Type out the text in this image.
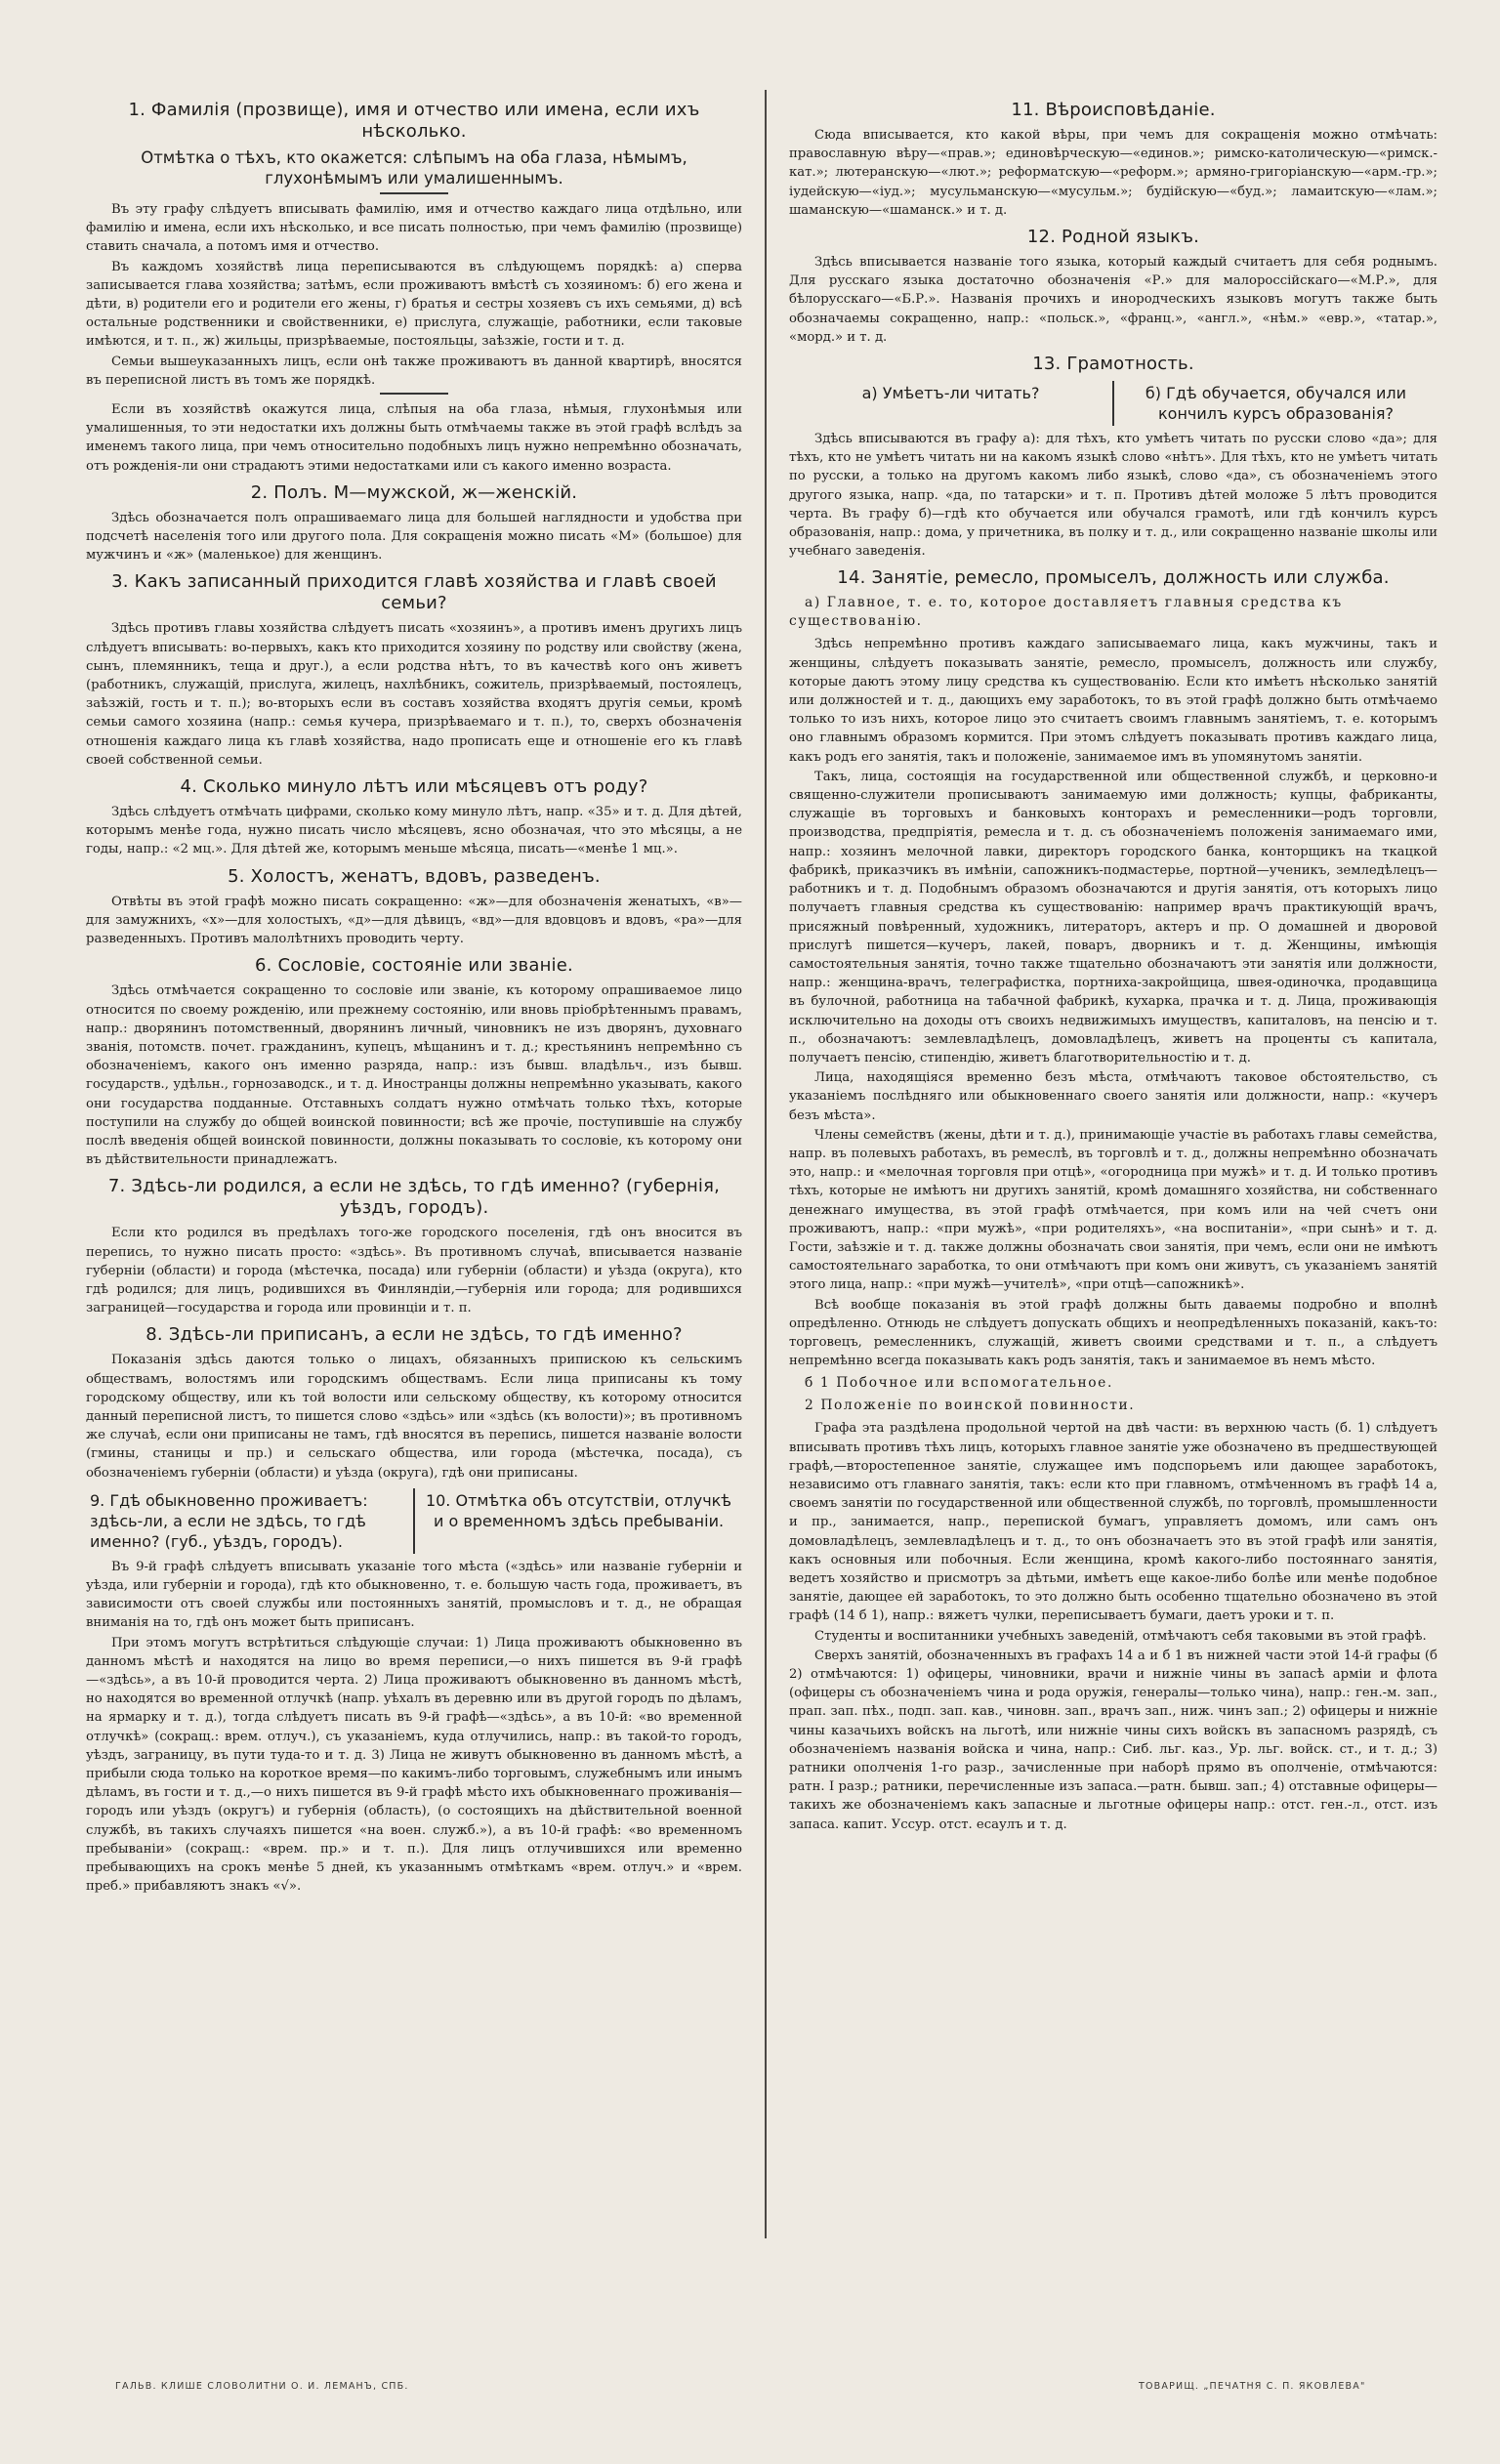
1. Фамилія (прозвище), имя и отчество или имена, если ихъ нѣсколько.
Отмѣтка о тѣхъ, кто окажется: слѣпымъ на оба глаза, нѣмымъ, глухонѣмымъ или умалишеннымъ.

Въ эту графу слѣдуетъ вписывать фамилію, имя и отчество каждаго лица отдѣльно, или фамилію и имена, если ихъ нѣсколько, и все писать полностью, при чемъ фамилію (прозвище) ставить сначала, а потомъ имя и отчество.

Въ каждомъ хозяйствѣ лица переписываются въ слѣдующемъ порядкѣ: а) сперва записывается глава хозяйства; затѣмъ, если проживаютъ вмѣстѣ съ хозяиномъ: б) его жена и дѣти, в) родители его и родители его жены, г) братья и сестры хозяевъ съ ихъ семьями, д) всѣ остальные родственники и свойственники, е) прислуга, служащіе, работники, если таковые имѣются, и т. п., ж) жильцы, призрѣваемые, постояльцы, заѣзжіе, гости и т. д.

Семьи вышеуказанныхъ лицъ, если онѣ также проживаютъ въ данной квартирѣ, вносятся въ переписной листъ въ томъ же порядкѣ.

Если въ хозяйствѣ окажутся лица, слѣпыя на оба глаза, нѣмыя, глухонѣмыя или умалишенныя, то эти недостатки ихъ должны быть отмѣчаемы также въ этой графѣ вслѣдъ за именемъ такого лица, при чемъ относительно подобныхъ лицъ нужно непремѣнно обозначать, отъ рожденія-ли они страдаютъ этими недостатками или съ какого именно возраста.

2. Полъ. М—мужской, ж—женскій.

Здѣсь обозначается полъ опрашиваемаго лица для большей наглядности и удобства при подсчетѣ населенія того или другого пола. Для сокращенія можно писать «М» (большое) для мужчинъ и «ж» (маленькое) для женщинъ.

3. Какъ записанный приходится главѣ хозяйства и главѣ своей семьи?

Здѣсь противъ главы хозяйства слѣдуетъ писать «хозяинъ», а противъ именъ другихъ лицъ слѣдуетъ вписывать: во-первыхъ, какъ кто приходится хозяину по родству или свойству (жена, сынъ, племянникъ, теща и друг.), а если родства нѣтъ, то въ качествѣ кого онъ живетъ (работникъ, служащій, прислуга, жилецъ, нахлѣбникъ, сожитель, призрѣваемый, постоялецъ, заѣзжій, гость и т. п.); во-вторыхъ если въ составъ хозяйства входятъ другія семьи, кромѣ семьи самого хозяина (напр.: семья кучера, призрѣваемаго и т. п.), то, сверхъ обозначенія отношенія каждаго лица къ главѣ хозяйства, надо прописать еще и отношеніе его къ главѣ своей собственной семьи.

4. Сколько минуло лѣтъ или мѣсяцевъ отъ роду?

Здѣсь слѣдуетъ отмѣчать цифрами, сколько кому минуло лѣтъ, напр. «35» и т. д. Для дѣтей, которымъ менѣе года, нужно писать число мѣсяцевъ, ясно обозначая, что это мѣсяцы, а не годы, напр.: «2 мц.». Для дѣтей же, которымъ меньше мѣсяца, писать—«менѣе 1 мц.».

5. Холостъ, женатъ, вдовъ, разведенъ.

Отвѣты въ этой графѣ можно писать сокращенно: «ж»—для обозначенія женатыхъ, «в»—для замужнихъ, «х»—для холостыхъ, «д»—для дѣвицъ, «вд»—для вдовцовъ и вдовъ, «ра»—для разведенныхъ. Противъ малолѣтнихъ проводить черту.

6. Сословіе, состояніе или званіе.

Здѣсь отмѣчается сокращенно то сословіе или званіе, къ которому опрашиваемое лицо относится по своему рожденію, или прежнему состоянію, или вновь пріобрѣтеннымъ правамъ, напр.: дворянинъ потомственный, дворянинъ личный, чиновникъ не изъ дворянъ, духовнаго званія, потомств. почет. гражданинъ, купецъ, мѣщанинъ и т. д.; крестьянинъ непремѣнно съ обозначеніемъ, какого онъ именно разряда, напр.: изъ бывш. владѣльч., изъ бывш. государств., удѣльн., горнозаводск., и т. д. Иностранцы должны непремѣнно указывать, какого они государства подданные. Отставныхъ солдатъ нужно отмѣчать только тѣхъ, которые поступили на службу до общей воинской повинности; всѣ же прочіе, поступившіе на службу послѣ введенія общей воинской повинности, должны показывать то сословіе, къ которому они въ дѣйствительности принадлежатъ.

7. Здѣсь-ли родился, а если не здѣсь, то гдѣ именно? (губернія, уѣздъ, городъ).

Если кто родился въ предѣлахъ того-же городского поселенія, гдѣ онъ вносится въ перепись, то нужно писать просто: «здѣсь». Въ противномъ случаѣ, вписывается названіе губерніи (области) и города (мѣстечка, посада) или губерніи (области) и уѣзда (округа), кто гдѣ родился; для лицъ, родившихся въ Финляндіи,—губернія или города; для родившихся заграницей—государства и города или провинціи и т. п.

8. Здѣсь-ли приписанъ, а если не здѣсь, то гдѣ именно?

Показанія здѣсь даются только о лицахъ, обязанныхъ припискою къ сельскимъ обществамъ, волостямъ или городскимъ обществамъ. Если лица приписаны къ тому городскому обществу, или къ той волости или сельскому обществу, къ которому относится данный переписной листъ, то пишется слово «здѣсь» или «здѣсь (къ волости)»; въ противномъ же случаѣ, если они приписаны не тамъ, гдѣ вносятся въ перепись, пишется названіе волости (гмины, станицы и пр.) и сельскаго общества, или города (мѣстечка, посада), съ обозначеніемъ губерніи (области) и уѣзда (округа), гдѣ они приписаны.

9. Гдѣ обыкновенно проживаетъ: здѣсь-ли, а если не здѣсь, то гдѣ именно? (губ., уѣздъ, городъ).
10. Отмѣтка объ отсутствіи, отлучкѣ и о временномъ здѣсь пребываніи.

Въ 9-й графѣ слѣдуетъ вписывать указаніе того мѣста («здѣсь» или названіе губерніи и уѣзда, или губерніи и города), гдѣ кто обыкновенно, т. е. большую часть года, проживаетъ, въ зависимости отъ своей службы или постоянныхъ занятій, промысловъ и т. д., не обращая вниманія на то, гдѣ онъ может быть приписанъ.

При этомъ могутъ встрѣтиться слѣдующіе случаи: 1) Лица проживаютъ обыкновенно въ данномъ мѣстѣ и находятся на лицо во время переписи,—о нихъ пишется въ 9-й графѣ—«здѣсь», а въ 10-й проводится черта. 2) Лица проживаютъ обыкновенно въ данномъ мѣстѣ, но находятся во временной отлучкѣ (напр. уѣхалъ въ деревню или въ другой городъ по дѣламъ, на ярмарку и т. д.), тогда слѣдуетъ писать въ 9-й графѣ—«здѣсь», а въ 10-й: «во временной отлучкѣ» (сокращ.: врем. отлуч.), съ указаніемъ, куда отлучились, напр.: въ такой-то городъ, уѣздъ, заграницу, въ пути туда-то и т. д. 3) Лица не живутъ обыкновенно въ данномъ мѣстѣ, а прибыли сюда только на короткое время—по какимъ-либо торговымъ, служебнымъ или инымъ дѣламъ, въ гости и т. д.,—о нихъ пишется въ 9-й графѣ мѣсто ихъ обыкновеннаго проживанія—городъ или уѣздъ (округъ) и губернія (область), (о состоящихъ на дѣйствительной военной службѣ, въ такихъ случаяхъ пишется «на воен. служб.»), а въ 10-й графѣ: «во временномъ пребываніи» (сокращ.: «врем. пр.» и т. п.). Для лицъ отлучившихся или временно пребывающихъ на срокъ менѣе 5 дней, къ указаннымъ отмѣткамъ «врем. отлуч.» и «врем. преб.» прибавляютъ знакъ «√».

11. Вѣроисповѣданіе.

Сюда вписывается, кто какой вѣры, при чемъ для сокращенія можно отмѣчать: православную вѣру—«прав.»; единовѣрческую—«единов.»; римско-католическую—«римск.-кат.»; лютеранскую—«лют.»; реформатскую—«реформ.»; армяно-григоріанскую—«арм.-гр.»; іудейскую—«іуд.»; мусульманскую—«мусульм.»; будійскую—«буд.»; ламаитскую—«лам.»; шаманскую—«шаманск.» и т. д.

12. Родной языкъ.

Здѣсь вписывается названіе того языка, который каждый считаетъ для себя роднымъ. Для русскаго языка достаточно обозначенія «Р.» для малороссійскаго—«М.Р.», для бѣлорусскаго—«Б.Р.». Названія прочихъ и инородческихъ языковъ могутъ также быть обозначаемы сокращенно, напр.: «польск.», «франц.», «англ.», «нѣм.» «евр.», «татар.», «морд.» и т. д.

13. Грамотность.
а) Умѣетъ-ли читать?	б) Гдѣ обучается, обучался или кончилъ курсъ образованія?

Здѣсь вписываются въ графу а): для тѣхъ, кто умѣетъ читать по русски слово «да»; для тѣхъ, кто не умѣетъ читать ни на какомъ языкѣ слово «нѣтъ». Для тѣхъ, кто не умѣетъ читать по русски, а только на другомъ какомъ либо языкѣ, слово «да», съ обозначеніемъ этого другого языка, напр. «да, по татарски» и т. п. Противъ дѣтей моложе 5 лѣтъ проводится черта. Въ графу б)—гдѣ кто обучается или обучался грамотѣ, или гдѣ кончилъ курсъ образованія, напр.: дома, у причетника, въ полку и т. д., или сокращенно названіе школы или учебнаго заведенія.

14. Занятіе, ремесло, промыселъ, должность или служба.

а) Главное, т. е. то, которое доставляетъ главныя средства къ существованію.

Здѣсь непремѣнно противъ каждаго записываемаго лица, какъ мужчины, такъ и женщины, слѣдуетъ показывать занятіе, ремесло, промыселъ, должность или службу, которые даютъ этому лицу средства къ существованію. Если кто имѣетъ нѣсколько занятій или должностей и т. д., дающихъ ему заработокъ, то въ этой графѣ должно быть отмѣчаемо только то изъ нихъ, которое лицо это считаетъ своимъ главнымъ занятіемъ, т. е. которымъ оно главнымъ образомъ кормится. При этомъ слѣдуетъ показывать противъ каждаго лица, какъ родъ его занятія, такъ и положеніе, занимаемое имъ въ упомянутомъ занятіи.

Такъ, лица, состоящія на государственной или общественной службѣ, и церковно-и священно-служители прописываютъ занимаемую ими должность; купцы, фабриканты, служащіе въ торговыхъ и банковыхъ конторахъ и ремесленники—родъ торговли, производства, предпріятія, ремесла и т. д. съ обозначеніемъ положенія занимаемаго ими, напр.: хозяинъ мелочной лавки, директоръ городского банка, конторщикъ на ткацкой фабрикѣ, приказчикъ въ имѣніи, сапожникъ-подмастерье, портной—ученикъ, земледѣлецъ—работникъ и т. д. Подобнымъ образомъ обозначаются и другія занятія, отъ которыхъ лицо получаетъ главныя средства къ существованію: например врачъ практикующій врачъ, присяжный повѣренный, художникъ, литераторъ, актеръ и пр. О домашней и дворовой прислугѣ пишется—кучеръ, лакей, поваръ, дворникъ и т. д. Женщины, имѣющія самостоятельныя занятія, точно также тщательно обозначаютъ эти занятія или должности, напр.: женщина-врачъ, телеграфистка, портниха-закройщица, швея-одиночка, продавщица въ булочной, работница на табачной фабрикѣ, кухарка, прачка и т. д. Лица, проживающія исключительно на доходы отъ своихъ недвижимыхъ имуществъ, капиталовъ, на пенсію и т. п., обозначаютъ: землевладѣлецъ, домовладѣлецъ, живетъ на проценты съ капитала, получаетъ пенсію, стипендію, живетъ благотворительностію и т. д.

Лица, находящіяся временно безъ мѣста, отмѣчаютъ таковое обстоятельство, съ указаніемъ послѣдняго или обыкновеннаго своего занятія или должности, напр.: «кучеръ безъ мѣста».

Члены семействъ (жены, дѣти и т. д.), принимающіе участіе въ работахъ главы семейства, напр. въ полевыхъ работахъ, въ ремеслѣ, въ торговлѣ и т. д., должны непремѣнно обозначать это, напр.: и «мелочная торговля при отцѣ», «огородница при мужѣ» и т. д. И только противъ тѣхъ, которые не имѣютъ ни другихъ занятій, кромѣ домашняго хозяйства, ни собственнаго денежнаго имущества, въ этой графѣ отмѣчается, при комъ или на чей счетъ они проживаютъ, напр.: «при мужѣ», «при родителяхъ», «на воспитаніи», «при сынѣ» и т. д. Гости, заѣзжіе и т. д. также должны обозначать свои занятія, при чемъ, если они не имѣютъ самостоятельнаго заработка, то они отмѣчаютъ при комъ они живутъ, съ указаніемъ занятій этого лица, напр.: «при мужѣ—учителѣ», «при отцѣ—сапожникѣ».

Всѣ вообще показанія въ этой графѣ должны быть даваемы подробно и вполнѣ опредѣленно. Отнюдь не слѣдуетъ допускать общихъ и неопредѣленныхъ показаній, какъ-то: торговецъ, ремесленникъ, служащій, живетъ своими средствами и т. п., а слѣдуетъ непремѣнно всегда показывать какъ родъ занятія, такъ и занимаемое въ немъ мѣсто.

б 1 Побочное или вспомогательное.

2 Положеніе по воинской повинности.

Графа эта раздѣлена продольной чертой на двѣ части: въ верхнюю часть (б. 1) слѣдуетъ вписывать противъ тѣхъ лицъ, которыхъ главное занятіе уже обозначено въ предшествующей графѣ,—второстепенное занятіе, служащее имъ подспорьемъ или дающее заработокъ, независимо отъ главнаго занятія, такъ: если кто при главномъ, отмѣченномъ въ графѣ 14 а, своемъ занятіи по государственной или общественной службѣ, по торговлѣ, промышленности и пр., занимается, напр., перепиской бумагъ, управляетъ домомъ, или самъ онъ домовладѣлецъ, землевладѣлецъ и т. д., то онъ обозначаетъ это въ этой графѣ или занятія, какъ основныя или побочныя. Если женщина, кромѣ какого-либо постояннаго занятія, ведетъ хозяйство и присмотръ за дѣтьми, имѣетъ еще какое-либо болѣе или менѣе подобное занятіе, дающее ей заработокъ, то это должно быть особенно тщательно обозначено въ этой графѣ (14 б 1), напр.: вяжетъ чулки, переписываетъ бумаги, даетъ уроки и т. п.

Студенты и воспитанники учебныхъ заведеній, отмѣчаютъ себя таковыми въ этой графѣ.

Сверхъ занятій, обозначенныхъ въ графахъ 14 а и б 1 въ нижней части этой 14-й графы (б 2) отмѣчаются: 1) офицеры, чиновники, врачи и нижніе чины въ запасѣ арміи и флота (офицеры съ обозначеніемъ чина и рода оружія, генералы—только чина), напр.: ген.-м. зап., прап. зап. пѣх., подп. зап. кав., чиновн. зап., врачъ зап., ниж. чинъ зап.; 2) офицеры и нижніе чины казачьихъ войскъ на льготѣ, или нижніе чины сихъ войскъ въ запасномъ разрядѣ, съ обозначеніемъ названія войска и чина, напр.: Сиб. льг. каз., Ур. льг. войск. ст., и т. д.; 3) ратники ополченія 1-го разр., зачисленные при наборѣ прямо въ ополченіе, отмѣчаются: ратн. I разр.; ратники, перечисленные изъ запаса.—ратн. бывш. зап.; 4) отставные офицеры—такихъ же обозначеніемъ какъ запасные и льготные офицеры напр.: отст. ген.-л., отст. изъ запаса. капит. Уссур. отст. есаулъ и т. д.

ГАЛЬВ. КЛИШЕ СЛОВОЛИТНИ О. И. ЛЕМАНЪ, СПБ.	ТОВАРИЩ. „ПЕЧАТНЯ С. П. ЯКОВЛЕВА"
